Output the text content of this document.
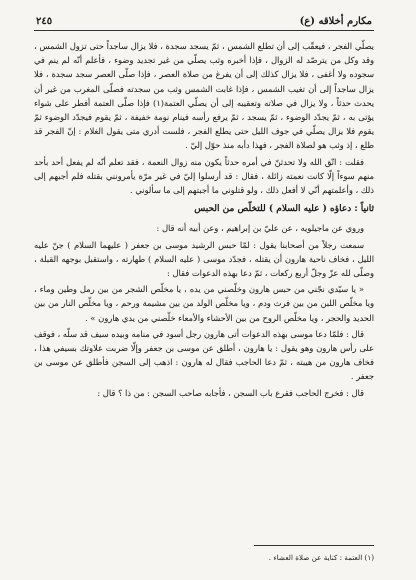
مكارم أخلاقه (ع)
٢٤٥

يصلّي الفجر ، فيعقّب إلى أن تطلع الشمس ، ثمّ يسجد سجدة ، فلا يزال ساجداً حتى تزول الشمس ، وقد وكل من يترصّد له الزوال ، فإذا أخبره وثب يصلّي من غير تجديد وضوء ، فأعلم أنّه لم ينم في سجوده ولا أغفى ، فلا يزال كذلك إلى أن يفرغ من صلاة العصر ، فإذا صلّى العصر سجد سجدة ، فلا يزال ساجداً إلى أن تغيب الشمس ، فإذا غابت الشمس وثب من سجدته فصلّى المغرب من غير أن يحدث حدثاً ، ولا يزال في صلاته وتعقيبه إلى أن يصلّي العتمة(١) فإذا صلّى العتمة أفطر على شواء يؤتى به ، ثمّ يجدّد الوضوء ، ثمّ يسجد ، ثمّ يرفع رأسه فينام نومة خفيفة ، ثمّ يقوم فيجدّد الوضوء ثمّ يقوم فلا يزال يصلّي في جوف الليل حتى يطلع الفجر ، فلست أدري متى يقول الغلام : إنّ الفجر قد طلع ، إذ وثب هو لصلاة الفجر ، فهذا دأبه منذ حوّل إليّ .

فقلت : اتّق الله ولا تحدثنّ في أمره حدثاً يكون منه زوال النعمة ، فقد تعلم أنّه لم يفعل أحد بأحد منهم سوءاً إلّا كانت نعمته زائلة ، فقال : قد أرسلوا إليّ في غير مرّة يأمرونني بقتله فلم أجبهم إلى ذلك ، وأعلمتهم أنّي لا أفعل ذلك ، ولو قتلوني ما أجبتهم إلى ما سألوني .

ثانياً : دعاؤه ( عليه السلام ) للتخلّص من الحبس

وروي عن ماجيلويه ، عن عليّ بن إبراهيم ، وعن أبيه أنه قال :

سمعت رجلاً من أصحابنا يقول : لمّا حبس الرشيد موسى بن جعفر ( عليهما السلام ) جنّ عليه الليل ، فخاف ناحية هارون أن يقتله ، فجدّد موسى ( عليه السلام ) طهارته ، واستقبل بوجهه القبلة ، وصلّى لله عزّ وجلّ أربع ركعات ، ثمّ دعا بهذه الدعوات فقال :

« يا سيّدي نجّني من حبس هارون وخلّصني من يده ، يا مخلّص الشجر من بين رمل وطين وماء ، ويا مخلّص اللبن من بين فرث ودم ، ويا مخلّص الولد من بين مشيمة ورحم ، ويا مخلّص النار من بين الحديد والحجر ، ويا مخلّص الروح من بين الأحشاء والأمعاء خلّصني من يدي هارون » .

قال : فلمّا دعا موسى بهذه الدعوات أتى هارون رجل أسود في منامه وبيده سيف قد سلّه ، فوقف على رأس هارون وهو يقول : يا هارون ، أطلق عن موسى بن جعفر وإلّا ضربت علاوتك بسيفي هذا ، فخاف هارون من هيبته ، ثمّ دعا الحاجب فقال له هارون : اذهب إلى السجن فأطلق عن موسى بن جعفر .

قال : فخرج الحاجب فقرع باب السجن ، فأجابه صاحب السجن : من ذا ؟ قال :

(١) العتمة : كناية عن صلاة العشاء .
